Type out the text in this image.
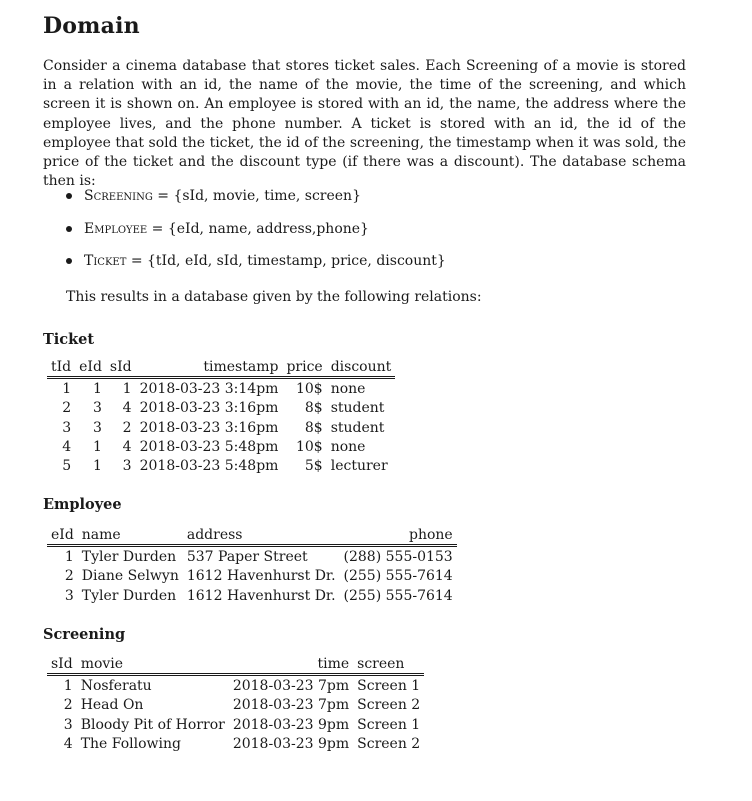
Domain

Consider a cinema database that stores ticket sales. Each Screening of a movie is stored in a relation with an id, the name of the movie, the time of the screening, and which screen it is shown on. An employee is stored with an id, the name, the address where the employee lives, and the phone number. A ticket is stored with an id, the id of the employee that sold the ticket, the id of the screening, the timestamp when it was sold, the price of the ticket and the discount type (if there was a discount). The database schema then is:

Screening = {sId, movie, time, screen}
Employee = {eId, name, address,phone}
Ticket = {tId, eId, sId, timestamp, price, discount}

This results in a database given by the following relations:

Ticket
tId	eId	sId	timestamp	price	discount
1	1	1	2018-03-23 3:14pm	10$	none
2	3	4	2018-03-23 3:16pm	8$	student
3	3	2	2018-03-23 3:16pm	8$	student
4	1	4	2018-03-23 5:48pm	10$	none
5	1	3	2018-03-23 5:48pm	5$	lecturer
Employee
eId	name	address	phone
1	Tyler Durden	537 Paper Street	(288) 555-0153
2	Diane Selwyn	1612 Havenhurst Dr.	(255) 555-7614
3	Tyler Durden	1612 Havenhurst Dr.	(255) 555-7614
Screening
sId	movie	time	screen
1	Nosferatu	2018-03-23 7pm	Screen 1
2	Head On	2018-03-23 7pm	Screen 2
3	Bloody Pit of Horror	2018-03-23 9pm	Screen 1
4	The Following	2018-03-23 9pm	Screen 2
